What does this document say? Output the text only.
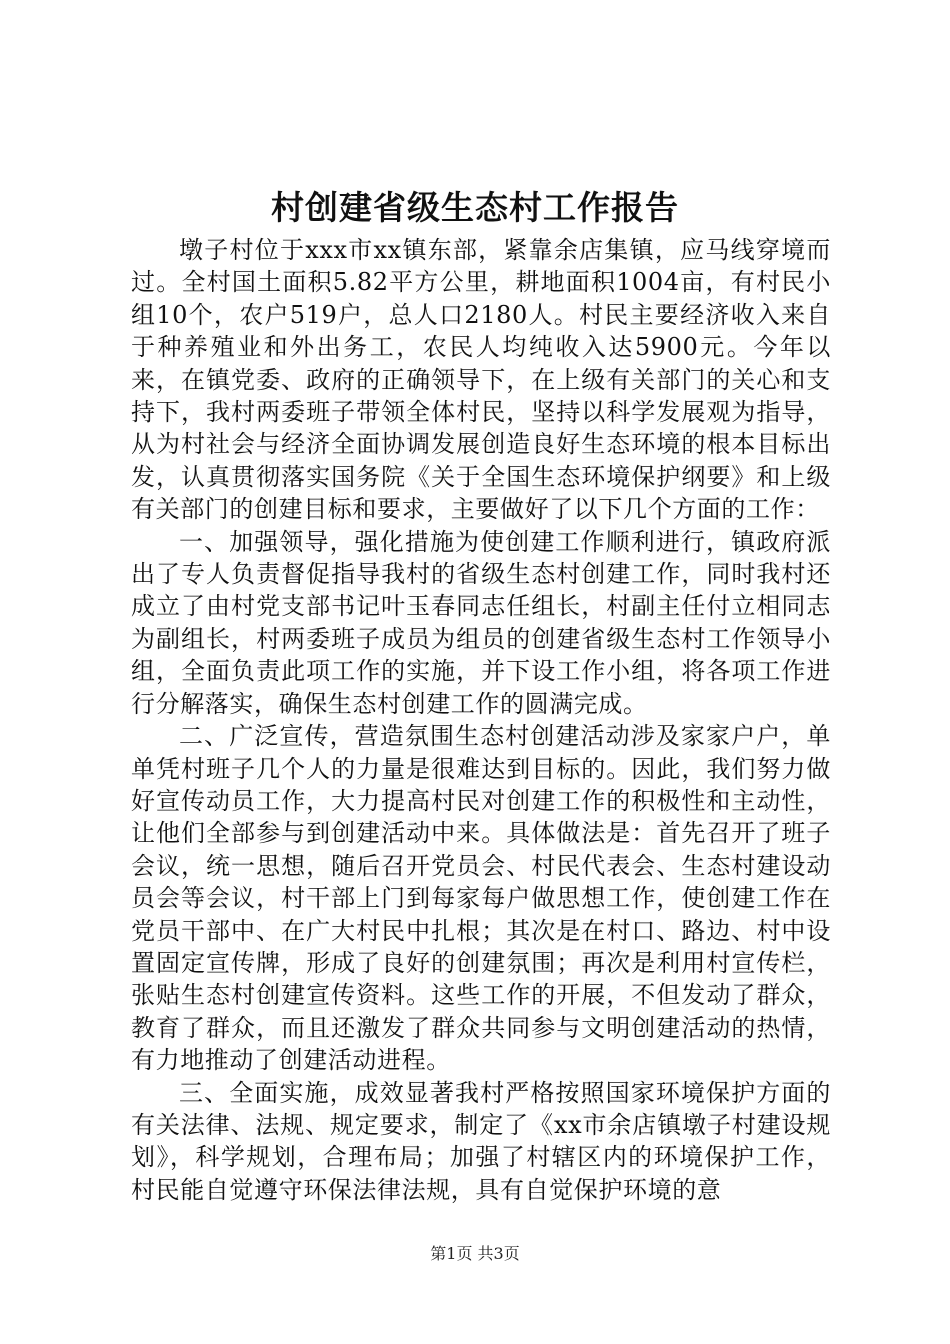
村创建省级生态村工作报告

墩子村位于xxx市xx镇东部，紧靠余店集镇，应马线穿境而过。全村国土面积5.82平方公里，耕地面积1004亩，有村民小组10个，农户519户，总人口2180人。村民主要经济收入来自于种养殖业和外出务工，农民人均纯收入达5900元。今年以来，在镇党委、政府的正确领导下，在上级有关部门的关心和支持下，我村两委班子带领全体村民，坚持以科学发展观为指导，从为村社会与经济全面协调发展创造良好生态环境的根本目标出发，认真贯彻落实国务院《关于全国生态环境保护纲要》和上级有关部门的创建目标和要求，主要做好了以下几个方面的工作：

一、加强领导，强化措施为使创建工作顺利进行，镇政府派出了专人负责督促指导我村的省级生态村创建工作，同时我村还成立了由村党支部书记叶玉春同志任组长，村副主任付立相同志为副组长，村两委班子成员为组员的创建省级生态村工作领导小组，全面负责此项工作的实施，并下设工作小组，将各项工作进行分解落实，确保生态村创建工作的圆满完成。

二、广泛宣传，营造氛围生态村创建活动涉及家家户户，单单凭村班子几个人的力量是很难达到目标的。因此，我们努力做好宣传动员工作，大力提高村民对创建工作的积极性和主动性，让他们全部参与到创建活动中来。具体做法是：首先召开了班子会议，统一思想，随后召开党员会、村民代表会、生态村建设动员会等会议，村干部上门到每家每户做思想工作，使创建工作在党员干部中、在广大村民中扎根；其次是在村口、路边、村中设置固定宣传牌，形成了良好的创建氛围；再次是利用村宣传栏，张贴生态村创建宣传资料。这些工作的开展，不但发动了群众，教育了群众，而且还激发了群众共同参与文明创建活动的热情，有力地推动了创建活动进程。

三、全面实施，成效显著我村严格按照国家环境保护方面的有关法律、法规、规定要求，制定了《xx市余店镇墩子村建设规划》，科学规划，合理布局；加强了村辖区内的环境保护工作，村民能自觉遵守环保法律法规，具有自觉保护环境的意

第1页 共3页
